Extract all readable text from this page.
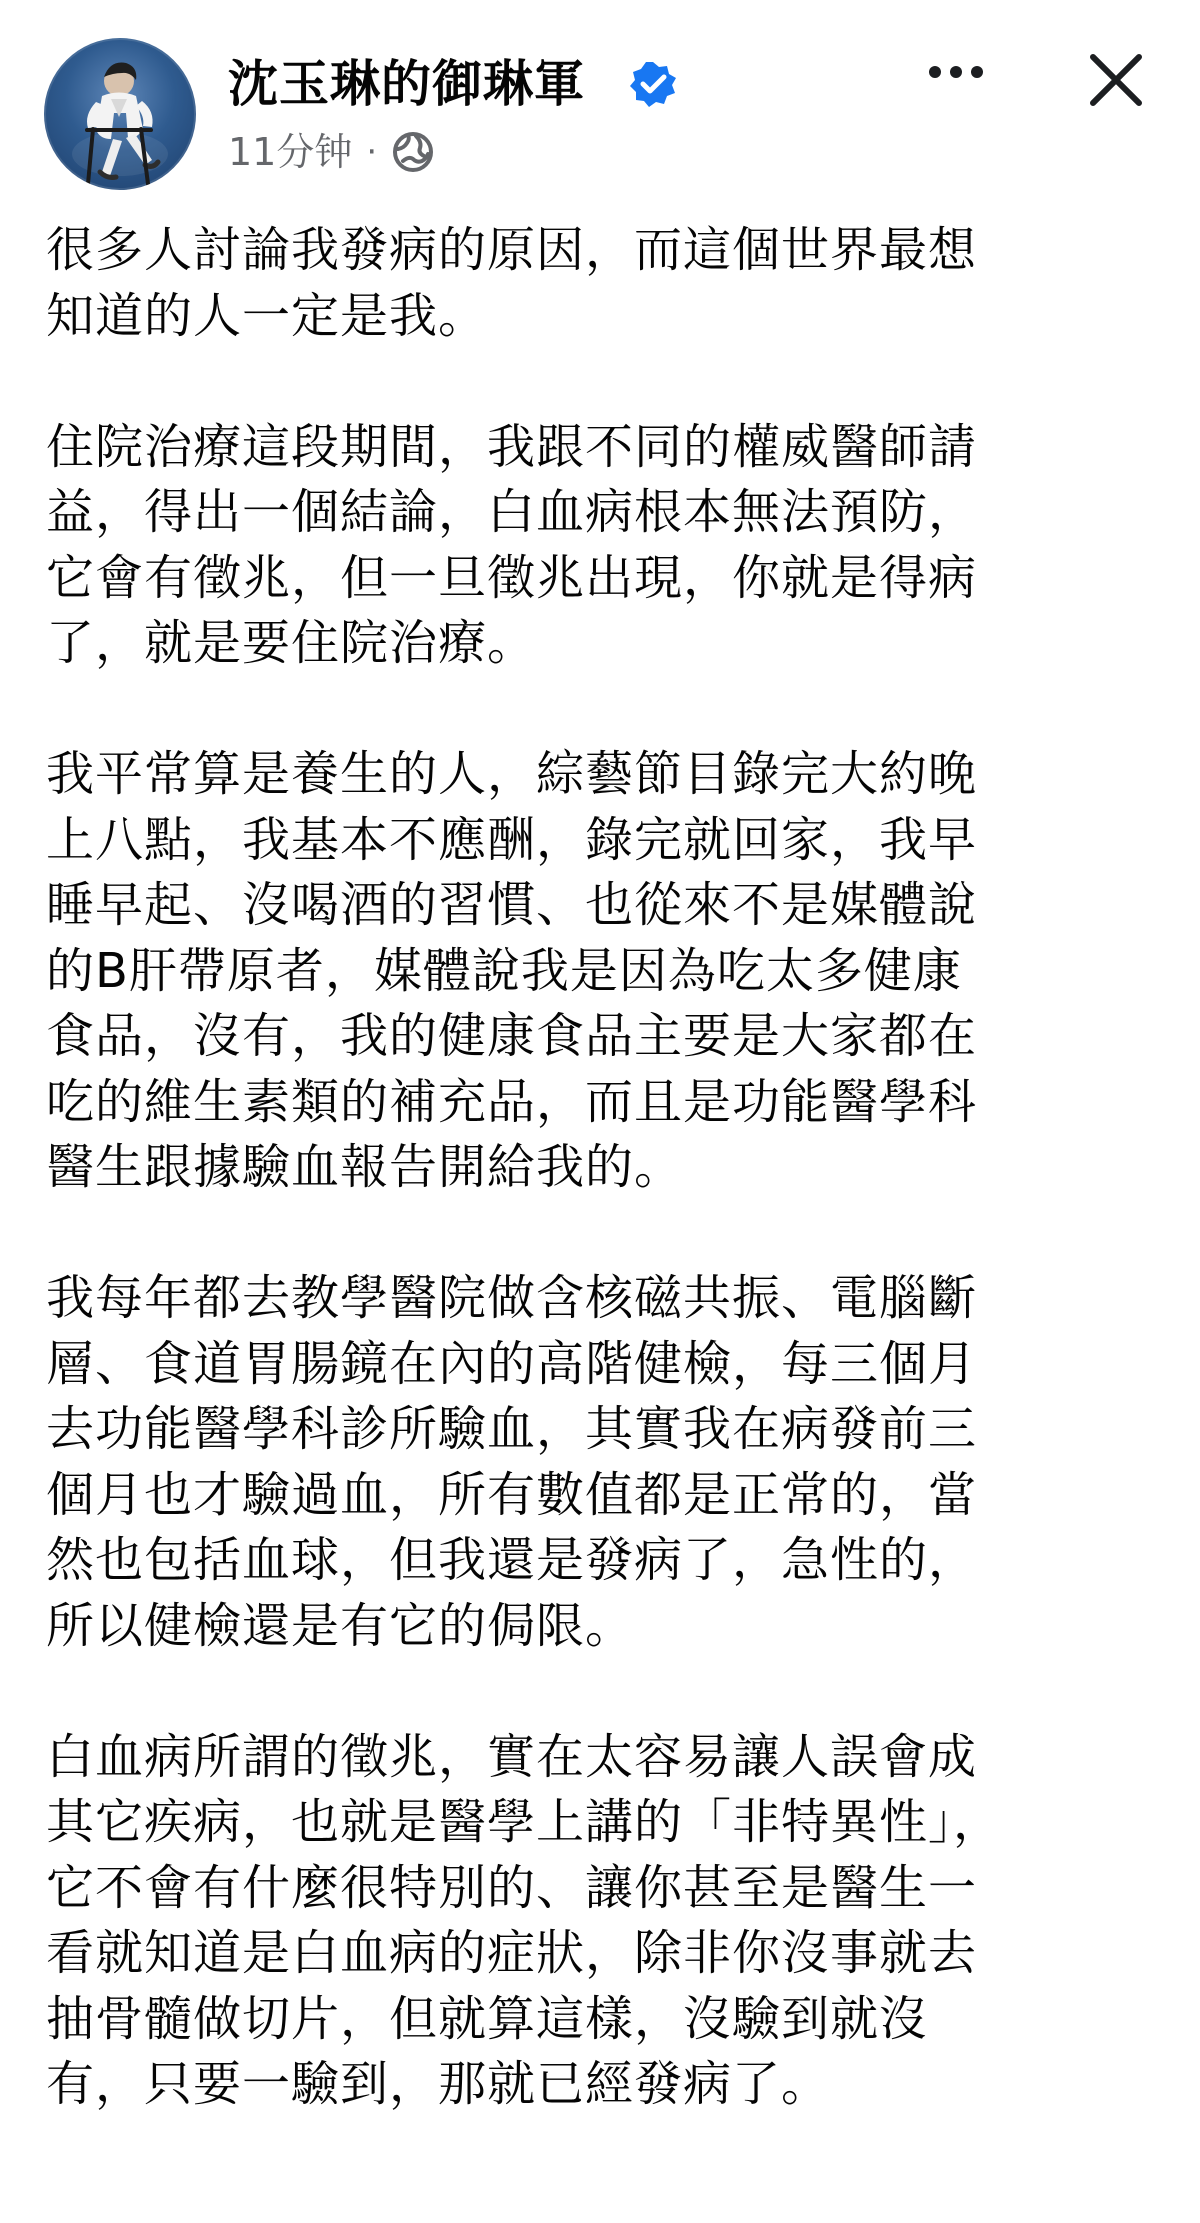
沈玉琳的御琳軍
11分钟 ·

很多人討論我發病的原因，而這個世界最想
知道的人一定是我。

住院治療這段期間，我跟不同的權威醫師請
益，得出一個結論，白血病根本無法預防，
它會有徵兆，但一旦徵兆出現，你就是得病
了，就是要住院治療。

我平常算是養生的人，綜藝節目錄完大約晚
上八點，我基本不應酬，錄完就回家，我早
睡早起、沒喝酒的習慣、也從來不是媒體說
的B肝帶原者，媒體說我是因為吃太多健康
食品，沒有，我的健康食品主要是大家都在
吃的維生素類的補充品，而且是功能醫學科
醫生跟據驗血報告開給我的。

我每年都去教學醫院做含核磁共振、電腦斷
層、食道胃腸鏡在內的高階健檢，每三個月
去功能醫學科診所驗血，其實我在病發前三
個月也才驗過血，所有數值都是正常的，當
然也包括血球，但我還是發病了，急性的，
所以健檢還是有它的侷限。

白血病所謂的徵兆，實在太容易讓人誤會成
其它疾病，也就是醫學上講的「非特異性」，
它不會有什麼很特別的、讓你甚至是醫生一
看就知道是白血病的症狀，除非你沒事就去
抽骨髓做切片，但就算這樣，沒驗到就沒
有，只要一驗到，那就已經發病了。
